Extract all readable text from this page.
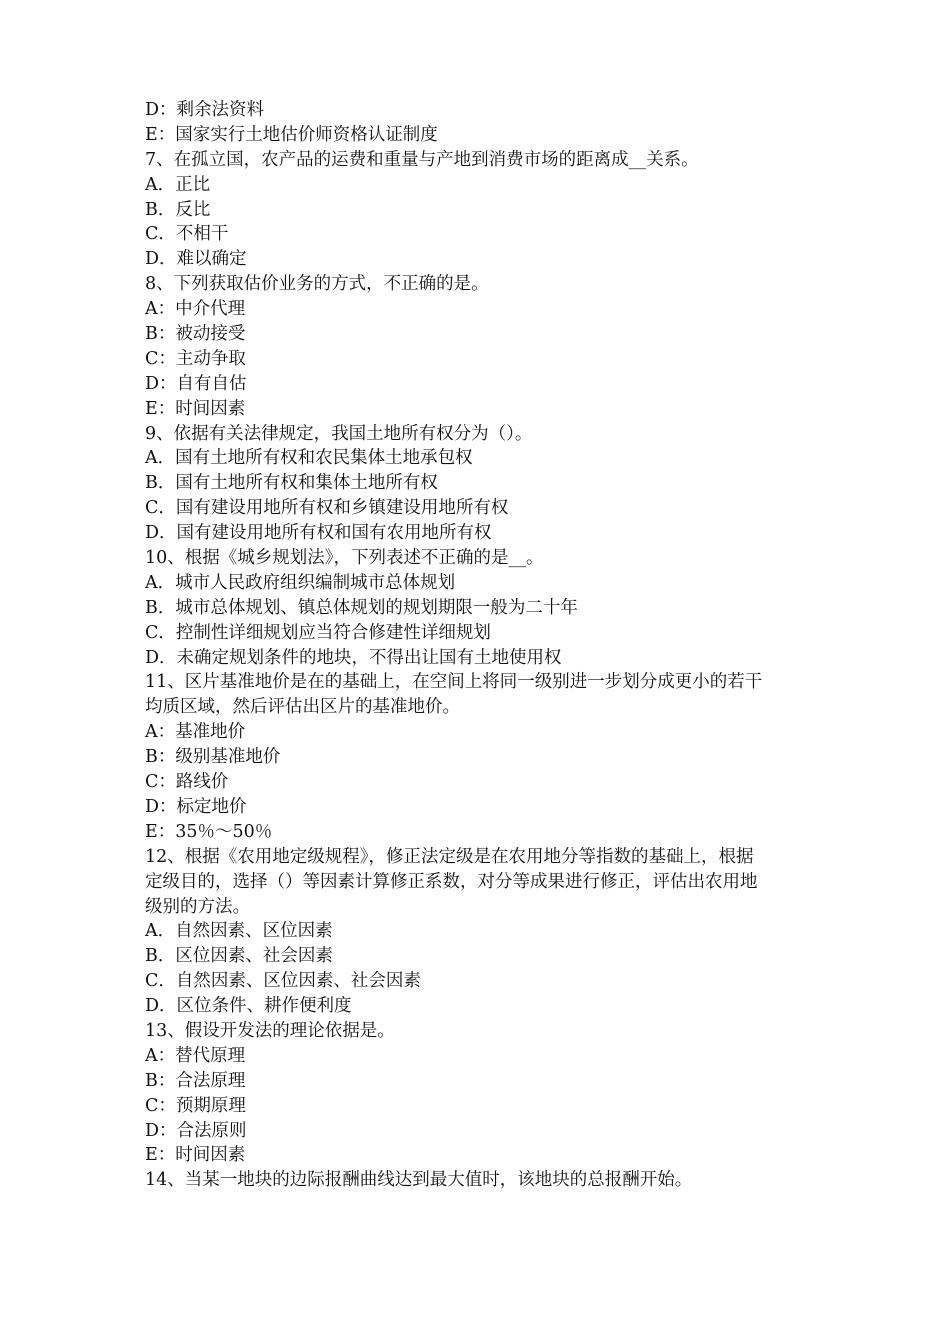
D：剩余法资料
E：国家实行土地估价师资格认证制度
7、在孤立国，农产品的运费和重量与产地到消费市场的距离成__关系。
A．正比
B．反比
C．不相干
D．难以确定
8、下列获取估价业务的方式，不正确的是。
A：中介代理
B：被动接受
C：主动争取
D：自有自估
E：时间因素
9、依据有关法律规定，我国土地所有权分为（）。
A．国有土地所有权和农民集体土地承包权
B．国有土地所有权和集体土地所有权
C．国有建设用地所有权和乡镇建设用地所有权
D．国有建设用地所有权和国有农用地所有权
10、根据《城乡规划法》，下列表述不正确的是__。
A．城市人民政府组织编制城市总体规划
B．城市总体规划、镇总体规划的规划期限一般为二十年
C．控制性详细规划应当符合修建性详细规划
D．未确定规划条件的地块，不得出让国有土地使用权
11、区片基准地价是在的基础上，在空间上将同一级别进一步划分成更小的若干
均质区域，然后评估出区片的基准地价。
A：基准地价
B：级别基准地价
C：路线价
D：标定地价
E：35％～50％
12、根据《农用地定级规程》，修正法定级是在农用地分等指数的基础上，根据
定级目的，选择（）等因素计算修正系数，对分等成果进行修正，评估出农用地
级别的方法。
A．自然因素、区位因素
B．区位因素、社会因素
C．自然因素、区位因素、社会因素
D．区位条件、耕作便利度
13、假设开发法的理论依据是。
A：替代原理
B：合法原理
C：预期原理
D：合法原则
E：时间因素
14、当某一地块的边际报酬曲线达到最大值时，该地块的总报酬开始。
